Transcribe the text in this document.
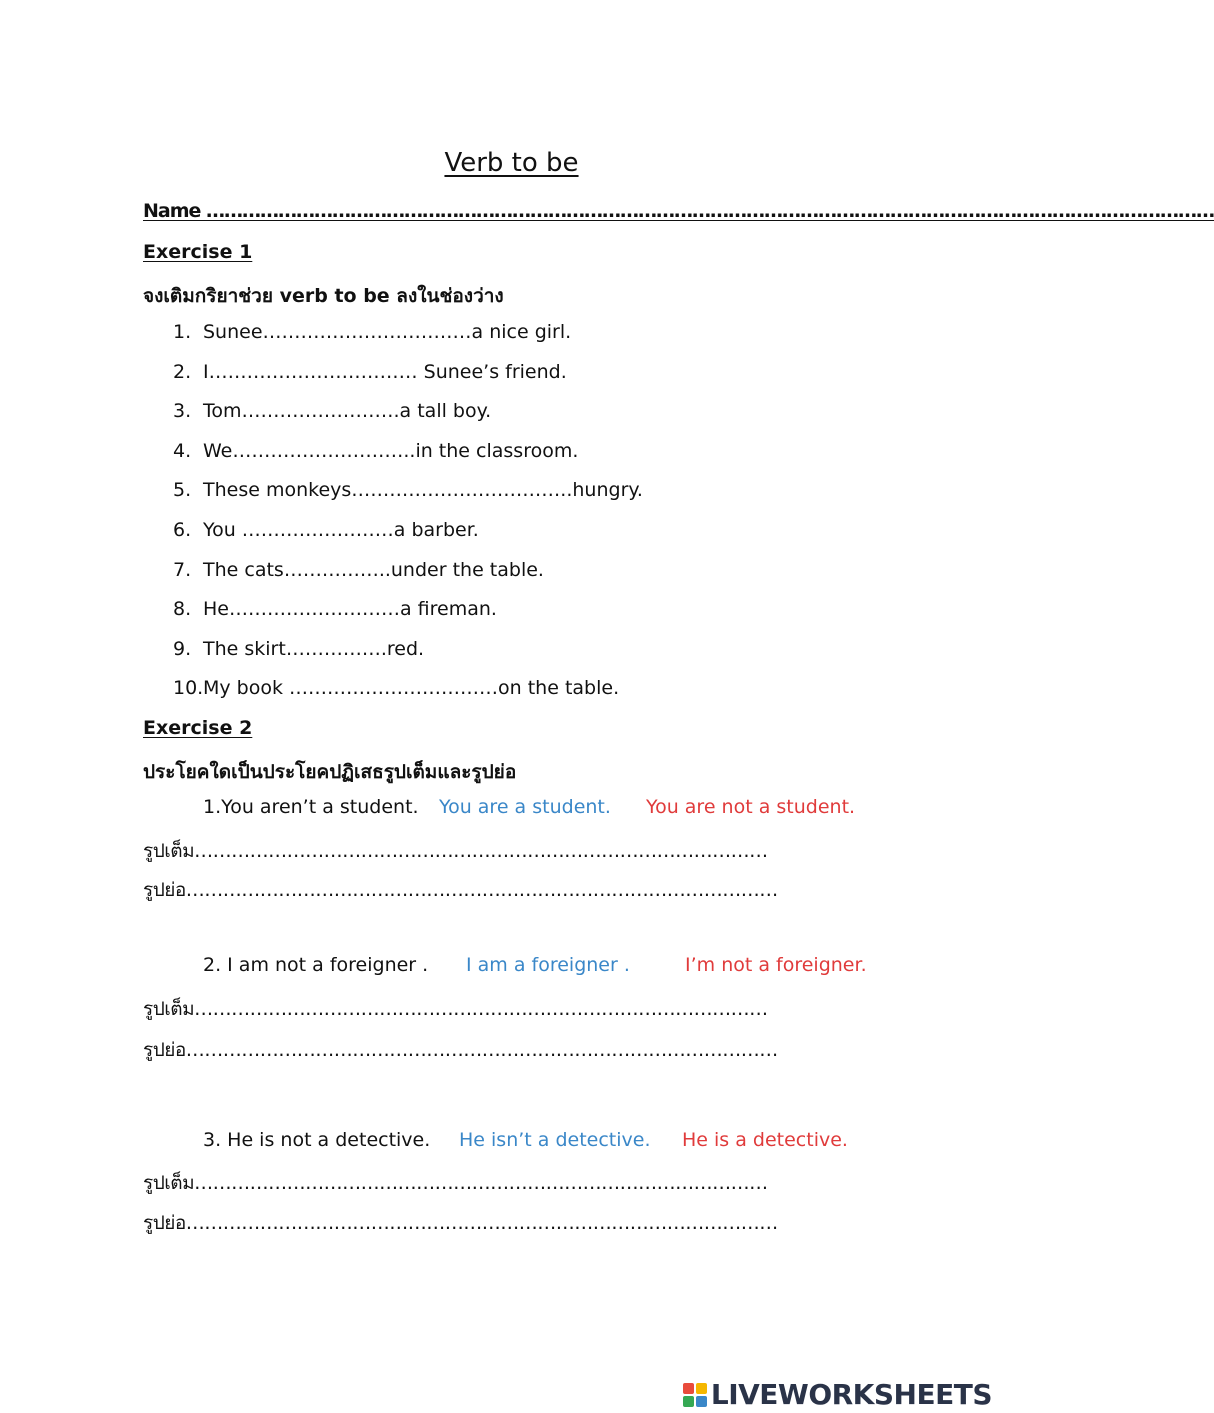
Verb to be
Name ……………………………………………………………………………………………………………………………………………………
Exercise 1
จงเติมกริยาช่วย verb to be ลงในช่องว่าง
1. Sunee……………………………a nice girl.
2. I…………………………… Sunee’s friend.
3. Tom…………………….a tall boy.
4. We………………………..in the classroom.
5. These monkeys……………………………..hungry.
6. You ……………………a barber.
7. The cats……………..under the table.
8. He………………………a fireman.
9. The skirt…………….red.
10.My book ……………………………on the table.
Exercise 2
ประโยคใดเป็นประโยคปฏิเสธรูปเต็มและรูปย่อ
1.You aren’t a student. You are a student. You are not a student.
รูปเต็ม…………………………………………………………………………………
รูปย่อ……………………………………………………………………………………
2. I am not a foreigner . I am a foreigner .	I’m not a foreigner.
รูปเต็ม…………………………………………………………………………………
รูปย่อ……………………………………………………………………………………
3. He is not a detective. He isn’t a detective. He is a detective.
รูปเต็ม…………………………………………………………………………………
รูปย่อ……………………………………………………………………………………
LIVEWORKSHEETS
